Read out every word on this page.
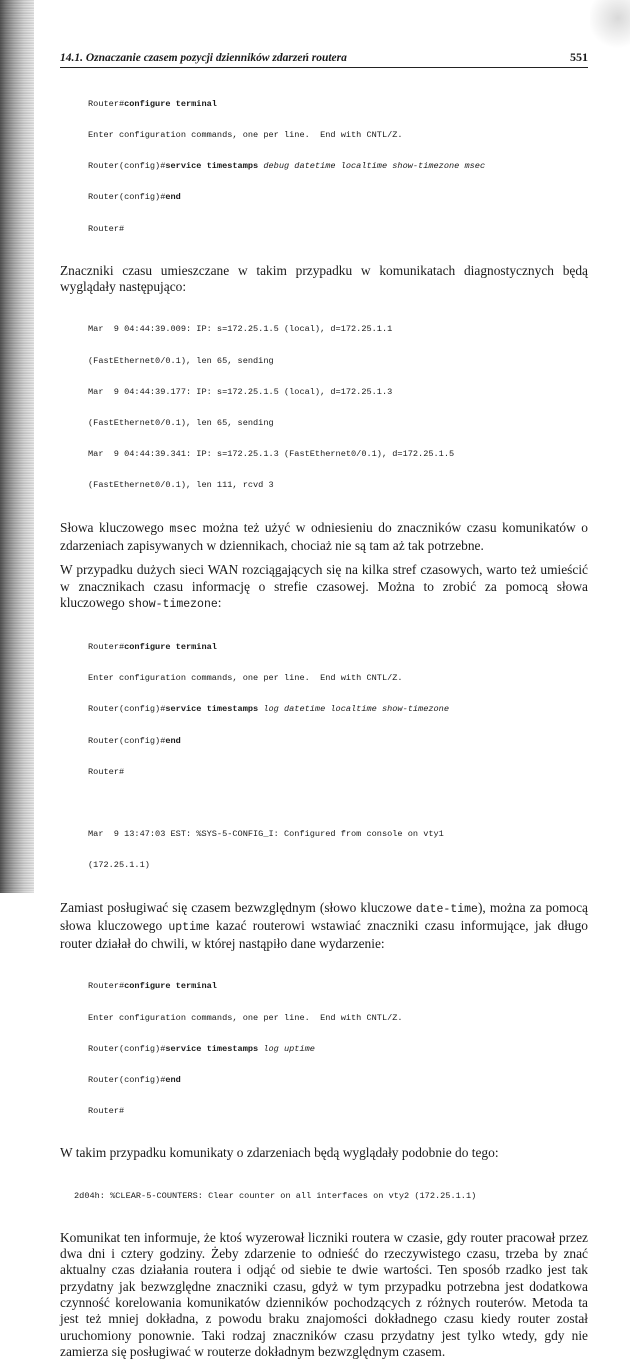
14.1. Oznaczanie czasem pozycji dzienników zdarzeń routera	551

Router#configure terminal

Enter configuration commands, one per line.  End with CNTL/Z.

Router(config)#service timestamps debug datetime localtime show-timezone msec

Router(config)#end

Router#

Znaczniki czasu umieszczane w takim przypadku w komunikatach diagnostycznych będą wyglądały następująco:

Mar  9 04:44:39.009: IP: s=172.25.1.5 (local), d=172.25.1.1

(FastEthernet0/0.1), len 65, sending

Mar  9 04:44:39.177: IP: s=172.25.1.5 (local), d=172.25.1.3

(FastEthernet0/0.1), len 65, sending

Mar  9 04:44:39.341: IP: s=172.25.1.3 (FastEthernet0/0.1), d=172.25.1.5

(FastEthernet0/0.1), len 111, rcvd 3

Słowa kluczowego msec można też użyć w odniesieniu do znaczników czasu komunikatów o zdarzeniach zapisywanych w dziennikach, chociaż nie są tam aż tak potrzebne.

W przypadku dużych sieci WAN rozciągających się na kilka stref czasowych, warto też umieścić w znacznikach czasu informację o strefie czasowej. Można to zrobić za pomocą słowa kluczowego show-timezone:

Router#configure terminal

Enter configuration commands, one per line.  End with CNTL/Z.

Router(config)#service timestamps log datetime localtime show-timezone

Router(config)#end

Router#

Mar  9 13:47:03 EST: %SYS-5-CONFIG_I: Configured from console on vty1

(172.25.1.1)

Zamiast posługiwać się czasem bezwzględnym (słowo kluczowe date-time), można za pomocą słowa kluczowego uptime kazać routerowi wstawiać znaczniki czasu informujące, jak długo router działał do chwili, w której nastąpiło dane wydarzenie:

Router#configure terminal

Enter configuration commands, one per line.  End with CNTL/Z.

Router(config)#service timestamps log uptime

Router(config)#end

Router#

W takim przypadku komunikaty o zdarzeniach będą wyglądały podobnie do tego:

2d04h: %CLEAR-5-COUNTERS: Clear counter on all interfaces on vty2 (172.25.1.1)

Komunikat ten informuje, że ktoś wyzerował liczniki routera w czasie, gdy router pracował przez dwa dni i cztery godziny. Żeby zdarzenie to odnieść do rzeczywistego czasu, trzeba by znać aktualny czas działania routera i odjąć od siebie te dwie wartości. Ten sposób rzadko jest tak przydatny jak bezwzględne znaczniki czasu, gdyż w tym przypadku potrzebna jest dodatkowa czynność korelowania komunikatów dzienników pochodzących z różnych routerów. Metoda ta jest też mniej dokładna, z powodu braku znajomości dokładnego czasu kiedy router został uruchomiony ponownie. Taki rodzaj znaczników czasu przydatny jest tylko wtedy, gdy nie zamierza się posługiwać w routerze dokładnym bezwzględnym czasem.
